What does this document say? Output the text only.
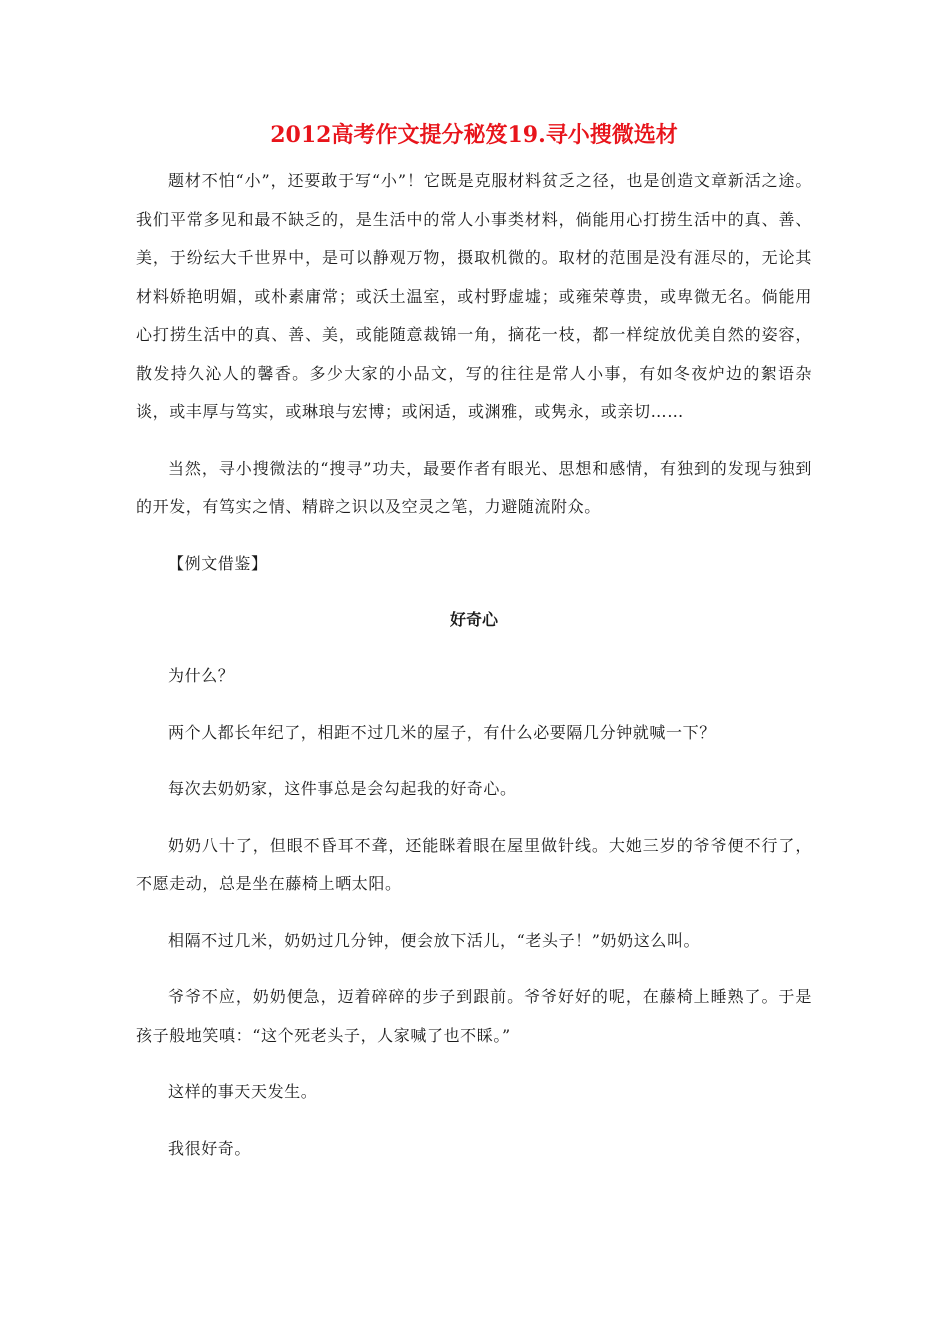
2012高考作文提分秘笈19.寻小搜微选材

题材不怕“小”，还要敢于写“小”！它既是克服材料贫乏之径，也是创造文章新活之途。我们平常多见和最不缺乏的，是生活中的常人小事类材料，倘能用心打捞生活中的真、善、美，于纷纭大千世界中，是可以静观万物，摄取机微的。取材的范围是没有涯尽的，无论其材料娇艳明媚，或朴素庸常；或沃土温室，或村野虚墟；或雍荣尊贵，或卑微无名。倘能用心打捞生活中的真、善、美，或能随意裁锦一角，摘花一枝，都一样绽放优美自然的姿容，散发持久沁人的馨香。多少大家的小品文，写的往往是常人小事，有如冬夜炉边的絮语杂谈，或丰厚与笃实，或琳琅与宏博；或闲适，或渊雅，或隽永，或亲切……

当然，寻小搜微法的“搜寻”功夫，最要作者有眼光、思想和感情，有独到的发现与独到的开发，有笃实之情、精辟之识以及空灵之笔，力避随流附众。

【例文借鉴】

好奇心

为什么？

两个人都长年纪了，相距不过几米的屋子，有什么必要隔几分钟就喊一下？

每次去奶奶家，这件事总是会勾起我的好奇心。

奶奶八十了，但眼不昏耳不聋，还能眯着眼在屋里做针线。大她三岁的爷爷便不行了，不愿走动，总是坐在藤椅上晒太阳。

相隔不过几米，奶奶过几分钟，便会放下活儿，“老头子！”奶奶这么叫。

爷爷不应，奶奶便急，迈着碎碎的步子到跟前。爷爷好好的呢，在藤椅上睡熟了。于是孩子般地笑嗔：“这个死老头子，人家喊了也不睬。”

这样的事天天发生。

我很好奇。
